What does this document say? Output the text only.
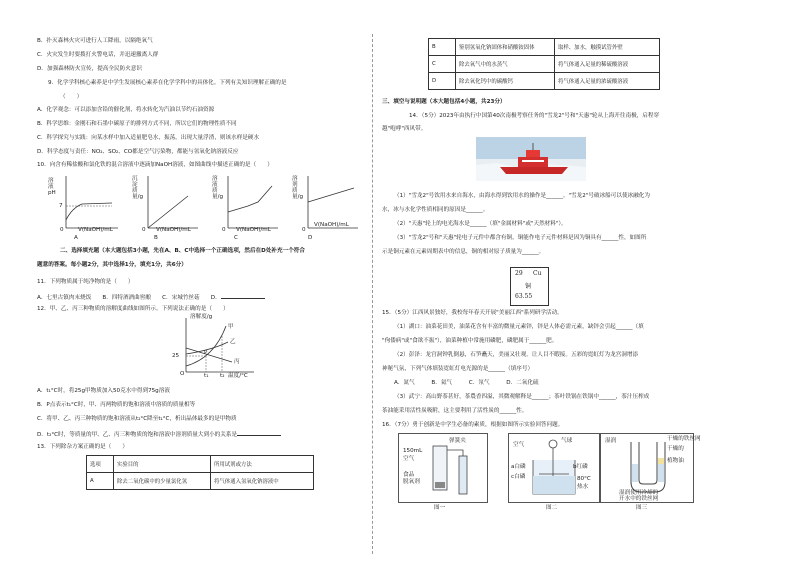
B．扑灭森林火灾可进行人工降雨，以隔绝氧气
C．火灾发生时要拨打火警电话，并迅速撤离人群
D．加强森林防火宣传，提高全民防火意识
9．化学学科核心素养是中学生发展核心素养在化学学科中的具体化。下列有关知识理解正确的是
（　　）
A．化学观念：可以添加含铅的催化剂，将水转化为汽油以节约石油资源
B．科学思维：金刚石和石墨中碳原子的排列方式不同，所以它们的物理性质不同
C．科学探究与实践：向某水样中加入适量肥皂水，振荡，出现大量浮渣，则该水样是硬水
D．科学态度与责任：NO₂、SO₂、CO都是空气污染物，都能与氢氧化钠溶液反应
10．向含有稀盐酸和氯化铁的混合溶液中逐滴加NaOH溶液，如图曲线中描述正确的是（　　）
溶液pH
7
0	V(NaOH)/mL
A
沉淀质量/g
0 V(NaOH)/mL
B
溶液质量/g
0 V(NaOH)/mL
C
溶剂质量/g
0
V(NaOH)/mL
D
二、选择填充题（本大题包括3小题，先在A、B、C中选择一个正确选项，然后在D处补充一个符合
题意的答案。每小题2分，其中选择1分，填充1分，共6分）
11．下列物质属于纯净物的是（　　）
A．七里古镇肉末烧饭　　B．四特酒酒曲窖酿　　C．宋城竹丝菇　　D．
12．甲、乙、丙三种物质的溶解度曲线如图所示。下列说法正确的是（　　）
溶解度/g
25
甲
乙
丙
P
O	t₁ t₂ 温度/°C
A．t₁°C时，将25g甲物质加入50克水中得到75g溶液
B．P点表示t₁°C时，甲、丙两物质的饱和溶液中溶质的质量相等
C．将甲、乙、丙三种物质的饱和溶液从t₂°C降至t₁°C，析出晶体最多的是甲物质
D．t₂°C时，等质量的甲、乙、丙三种物质的饱和溶液中溶剂质量大到小的关系是
13．下列除杂方案正确的是（　　）
选项	实验目的	所用试剂或方法
A	除去二氧化碳中的少量氯化氢	将气体通入氢氧化钠溶液中
B	鉴别氢氧化钠固体和硝酸铵固体	取样、加水，触摸试管外壁
C	除去氧气中的水蒸气	将气体通入足量的稀硫酸溶液
D	除去氧化钙中的碳酸钙	将气体通入足量的浓硫酸溶液
三、填空与说明题（本大题包括4小题，共23分）
14．（5分）2023年由执行中国第40次南极考察任务的"雪龙2"号和"天惠"轮从上海开往南极，启程穿
越"咆哮"西风带。
（1）"雪龙2"号饮用水来自海水，由海水得到饮用水的操作是______。"雪龙2"号破冰船可以使冰融化为
水，冰与水化学性质相同的原因是______。
（2）"天惠"轮上的电光海水是______（填"金属材料"或"天然材料"）。
（3）"雪龙2"号和"天惠"轮电子元件中都含有铜，铜能作电子元件材料是因为铜具有______性，如图所
示是铜元素在元素周期表中的信息，铜的相对原子质量为______。
29 Cu
铜
63.55
15．（5分）江西风景独好，我校每年春天开展"美丽江西"系列研学活动。
（1）湖口：油菜花田美，油菜花含有丰富的微量元素锌，锌是人体必需元素，缺锌会引起______（填
"佝偻病"或"食欲不振"），油菜种植中常施用磷肥，磷肥属于______肥。
（2）彭泽：龙宫洞钟乳倒悬，石笋矗天，美丽又壮观。让人目不暇接。五彩的霓虹灯为龙宫洞增添
神秘气氛，下列气体填装霓虹灯电光源的是______（填序号）
A．氮气　　　B．氦气　　　C．氖气　　　D．二氧化硫
（3）武宁：高山野茶甚好，茶農香四溢，其微观解释是______；茶叶铁锅在铁锅中______，茶汁压榨成
茶油能采用活性炭吸附，这主要利用了活性炭的______性。
16．（7分）勇于创新是中学生必备的素质，根据如图所示实验回答问题。
150mL
空气
食品
脱氧剂
弹簧夹
图一
空气
气球
a白磷
c白磷
b红磷
80°C
热水
图二
干燥的铁丝网
湿润
干燥的
植物油
湿润使用冷却的
开水中的铁丝网
图三
